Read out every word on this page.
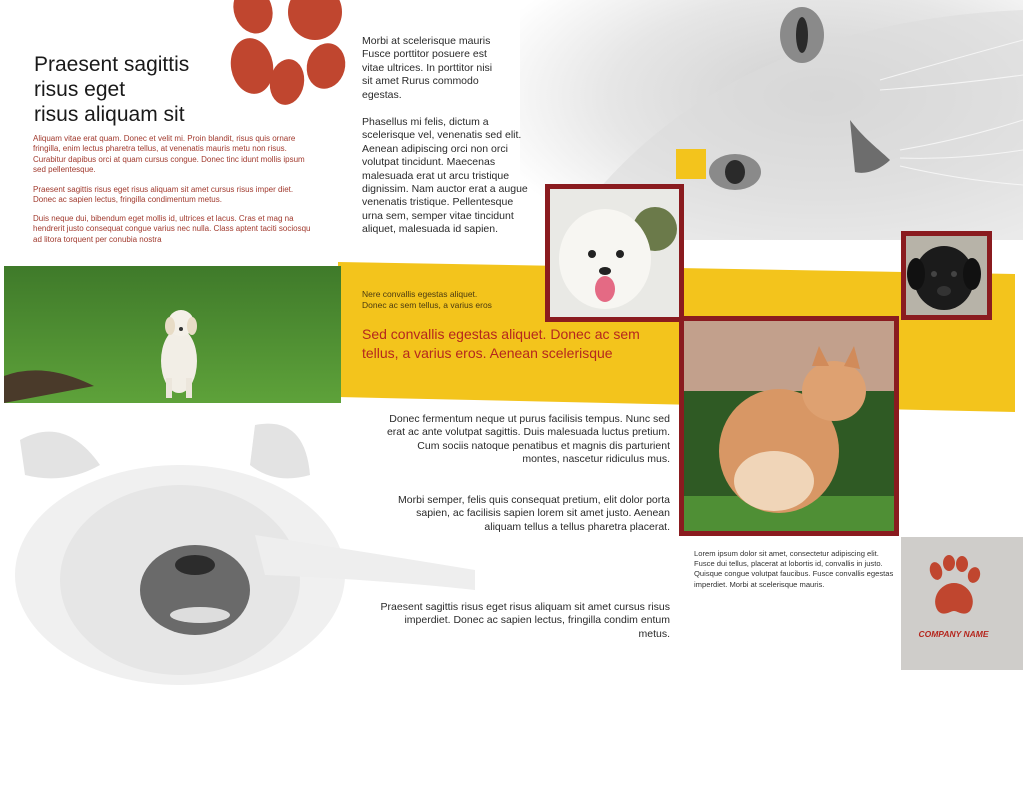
Praesent sagittis
risus eget
risus aliquam sit
Aliquam vitae erat quam. Donec et velit mi. Proin blandit, risus quis ornare fringilla, enim lectus pharetra tellus, at venenatis mauris metu non risus. Curabitur dapibus orci at quam cursus congue. Donec tinc idunt mollis ipsum sed pellentesque.
Praesent sagittis risus eget risus aliquam sit amet cursus risus imper diet. Donec ac sapien lectus, fringilla condimentum metus.
Duis neque dui, bibendum eget mollis id, ultrices et lacus. Cras et mag na hendrerit justo consequat congue varius nec nulla. Class aptent taciti sociosqu ad litora torquent per conubia nostra
Morbi at scelerisque mauris Fusce porttitor posuere est vitae ultrices. In porttitor nisi sit amet Rurus commodo egestas.
Phasellus mi felis, dictum a scelerisque vel, venenatis sed elit. Aenean adipiscing orci non orci volutpat tincidunt. Maecenas malesuada erat ut arcu tristique dignissim. Nam auctor erat a augue venenatis tristique. Pellentesque urna sem, semper vitae tincidunt aliquet, malesuada id sapien.
Nere convallis egestas aliquet. Donec ac sem tellus, a varius eros
Sed convallis egestas aliquet. Donec ac sem tellus, a varius eros. Aenean scelerisque
Donec fermentum neque ut purus facilisis tempus. Nunc sed erat ac ante volutpat sagittis. Duis malesuada luctus pretium. Cum sociis natoque penatibus et magnis dis parturient montes, nascetur ridiculus mus.
Morbi semper, felis quis consequat pretium, elit dolor porta sapien, ac facilisis sapien lorem sit amet justo. Aenean aliquam tellus a tellus pharetra placerat.
Praesent sagittis risus eget risus aliquam sit amet cursus risus imperdiet. Donec ac sapien lectus, fringilla condim entum metus.
Lorem ipsum dolor sit amet, consectetur adipiscing elit. Fusce dui tellus, placerat at lobortis id, convallis in justo. Quisque congue volutpat faucibus. Fusce convallis egestas imperdiet. Morbi at scelerisque mauris.
COMPANY NAME
